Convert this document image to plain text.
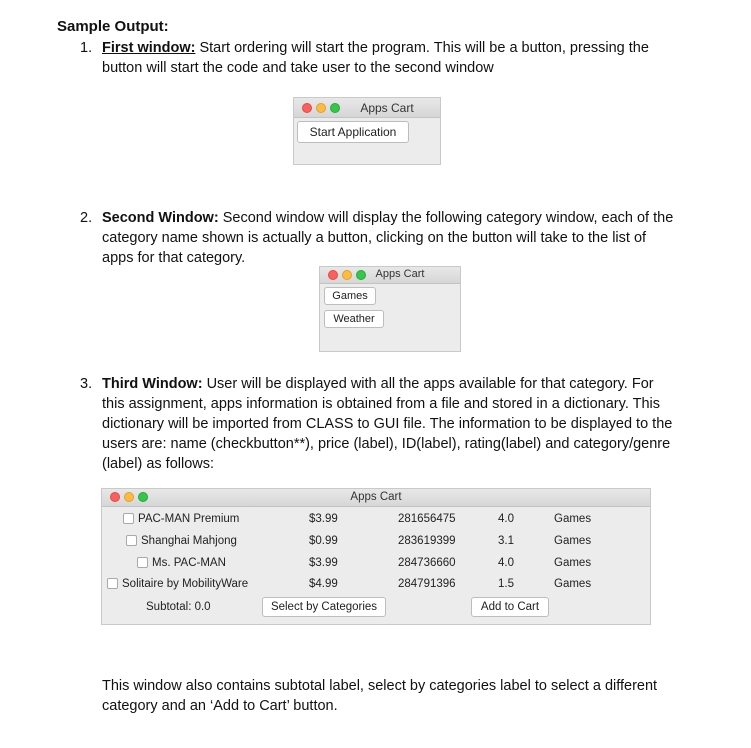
Sample Output:
1. First window: Start ordering will start the program. This will be a button, pressing the button will start the code and take user to the second window
Apps Cart
Start Application
2. Second Window: Second window will display the following category window, each of the category name shown is actually a button, clicking on the button will take to the list of apps for that category.
Apps Cart
Games
Weather
3. Third Window: User will be displayed with all the apps available for that category. For this assignment, apps information is obtained from a file and stored in a dictionary. This dictionary will be imported from CLASS to GUI file. The information to be displayed to the users are: name (checkbutton**), price (label), ID(label), rating(label) and category/genre (label) as follows:
Apps Cart
PAC-MAN Premium	$3.99	281656475	4.0	Games
Shanghai Mahjong	$0.99	283619399	3.1	Games
Ms. PAC-MAN	$3.99	284736660	4.0	Games
Solitaire by MobilityWare	$4.99	284791396	1.5	Games
Subtotal: 0.0	Select by Categories	Add to Cart
This window also contains subtotal label, select by categories label to select a different category and an ‘Add to Cart’ button.
